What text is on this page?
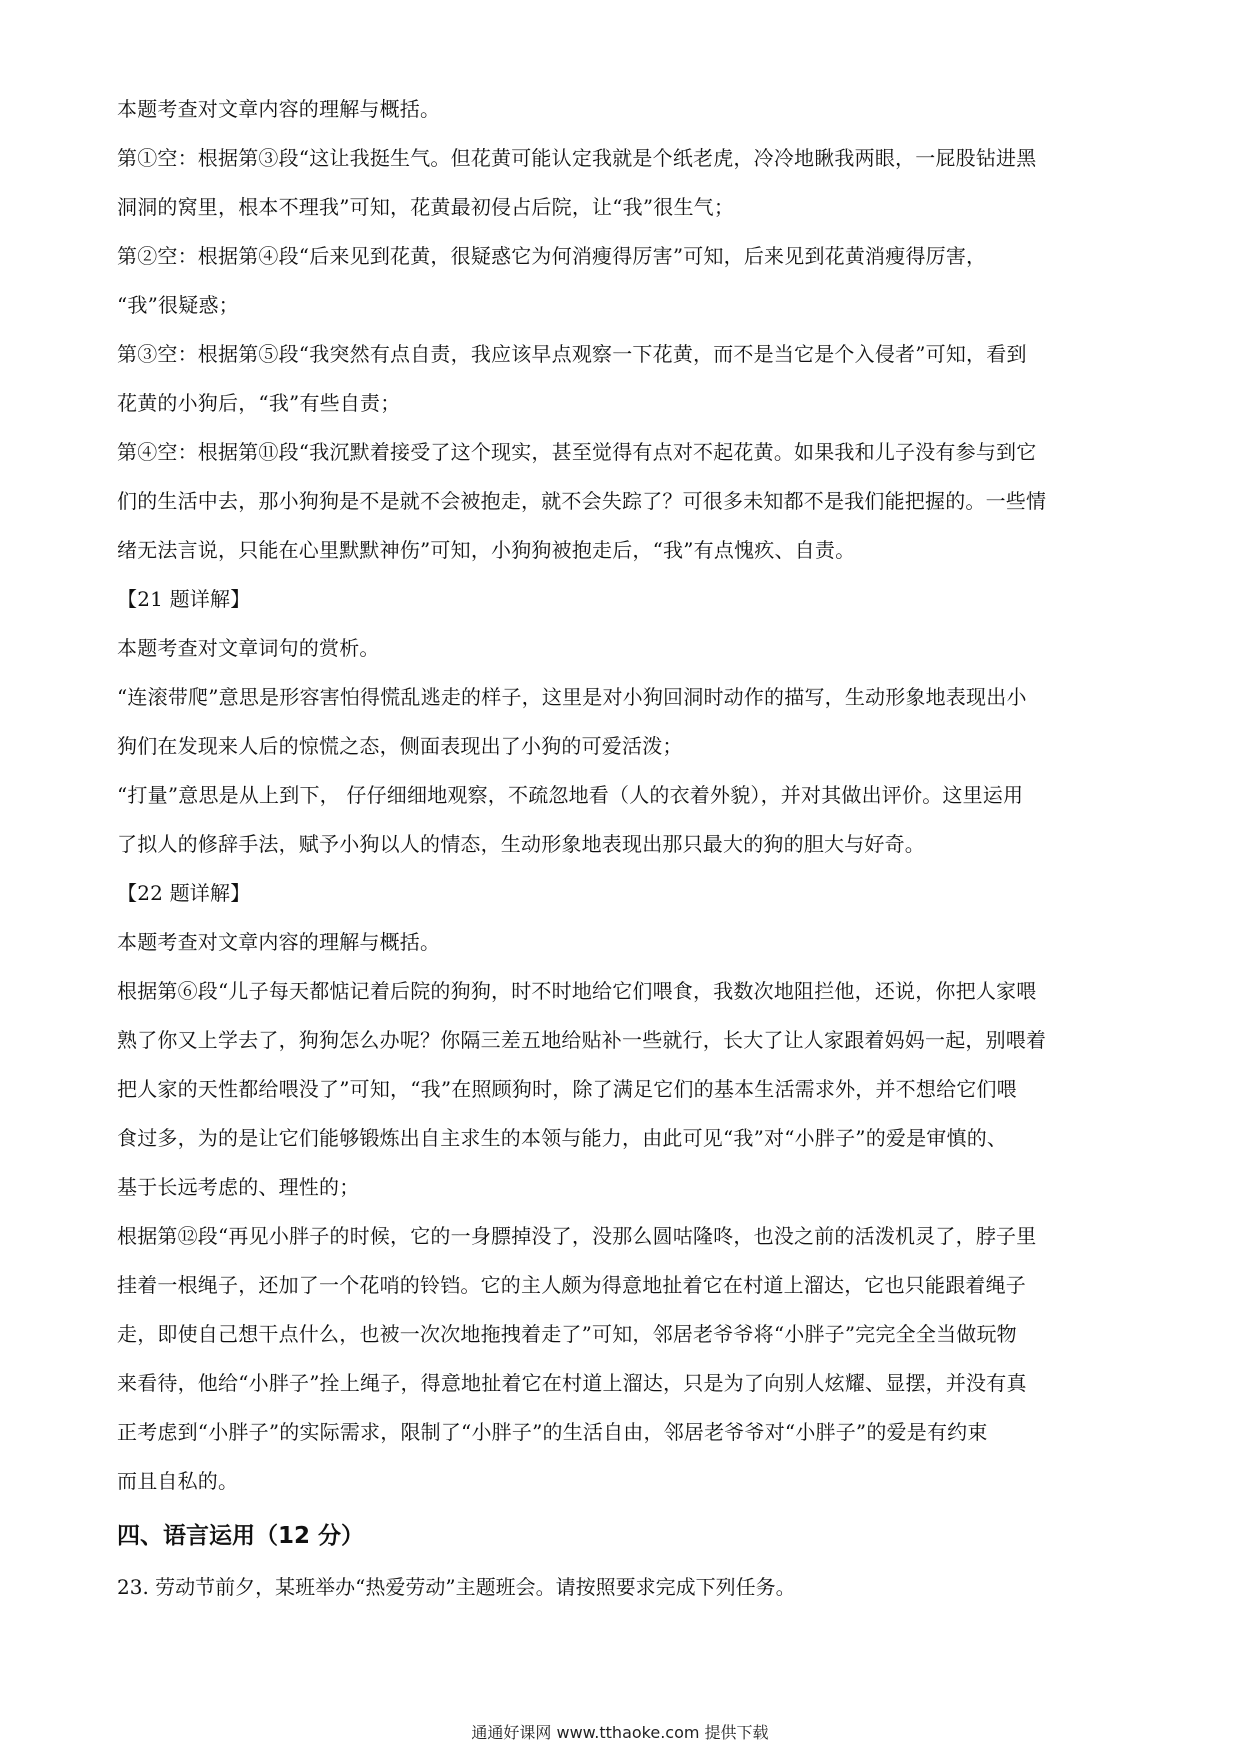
本题考查对文章内容的理解与概括。
第①空：根据第③段“这让我挺生气。但花黄可能认定我就是个纸老虎，冷冷地瞅我两眼，一屁股钻进黑
洞洞的窝里，根本不理我”可知，花黄最初侵占后院，让“我”很生气；
第②空：根据第④段“后来见到花黄，很疑惑它为何消瘦得厉害”可知，后来见到花黄消瘦得厉害，
“我”很疑惑；
第③空：根据第⑤段“我突然有点自责，我应该早点观察一下花黄，而不是当它是个入侵者”可知，看到
花黄的小狗后，“我”有些自责；
第④空：根据第⑪段“我沉默着接受了这个现实，甚至觉得有点对不起花黄。如果我和儿子没有参与到它
们的生活中去，那小狗狗是不是就不会被抱走，就不会失踪了？可很多未知都不是我们能把握的。一些情
绪无法言说，只能在心里默默神伤”可知，小狗狗被抱走后，“我”有点愧疚、自责。
【21 题详解】
本题考查对文章词句的赏析。
“连滚带爬”意思是形容害怕得慌乱逃走的样子，这里是对小狗回洞时动作的描写，生动形象地表现出小
狗们在发现来人后的惊慌之态，侧面表现出了小狗的可爱活泼；
“打量”意思是从上到下， 仔仔细细地观察，不疏忽地看（人的衣着外貌），并对其做出评价。这里运用
了拟人的修辞手法，赋予小狗以人的情态，生动形象地表现出那只最大的狗的胆大与好奇。
【22 题详解】
本题考查对文章内容的理解与概括。
根据第⑥段“儿子每天都惦记着后院的狗狗，时不时地给它们喂食，我数次地阻拦他，还说，你把人家喂
熟了你又上学去了，狗狗怎么办呢？你隔三差五地给贴补一些就行，长大了让人家跟着妈妈一起，别喂着
把人家的天性都给喂没了”可知，“我”在照顾狗时，除了满足它们的基本生活需求外，并不想给它们喂
食过多，为的是让它们能够锻炼出自主求生的本领与能力，由此可见“我”对“小胖子”的爱是审慎的、
基于长远考虑的、理性的；
根据第⑫段“再见小胖子的时候，它的一身膘掉没了，没那么圆咕隆咚，也没之前的活泼机灵了，脖子里
挂着一根绳子，还加了一个花哨的铃铛。它的主人颇为得意地扯着它在村道上溜达，它也只能跟着绳子
走，即使自己想干点什么，也被一次次地拖拽着走了”可知，邻居老爷爷将“小胖子”完完全全当做玩物
来看待，他给“小胖子”拴上绳子，得意地扯着它在村道上溜达，只是为了向别人炫耀、显摆，并没有真
正考虑到“小胖子”的实际需求，限制了“小胖子”的生活自由，邻居老爷爷对“小胖子”的爱是有约束
而且自私的。
四、语言运用（12 分）
23. 劳动节前夕，某班举办“热爱劳动”主题班会。请按照要求完成下列任务。
通通好课网 www.tthaoke.com 提供下载
